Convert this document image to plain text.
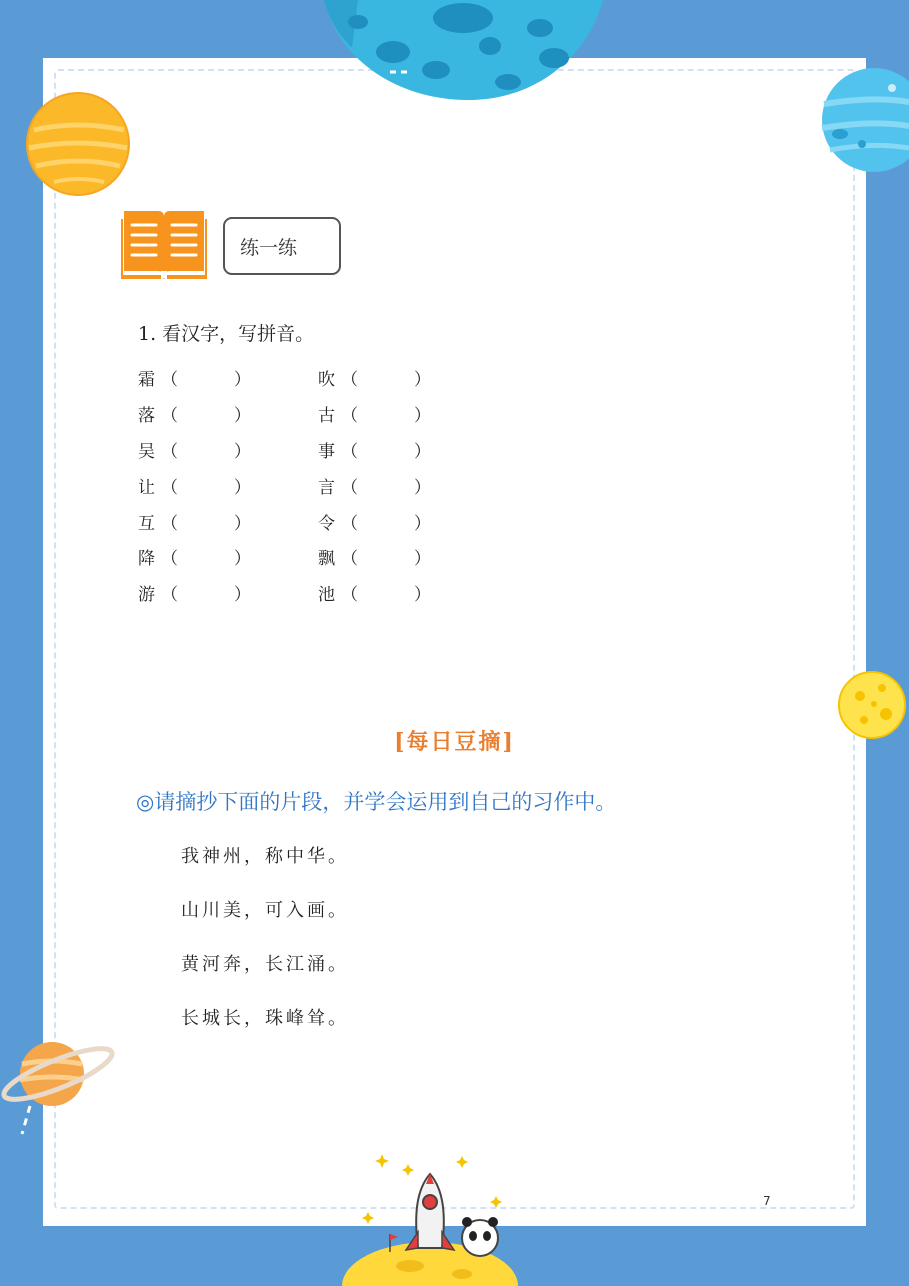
练一练
1. 看汉字，写拼音。
霜 （	）	吹 （	）
落 （	）	古 （	）
吴 （	）	事 （	）
让 （	）	言 （	）
互 （	）	令 （	）
降 （	）	飘 （	）
游 （	）	池 （	）
[每日豆摘]
◎请摘抄下面的片段，并学会运用到自己的习作中。
我神州，称中华。
山川美，可入画。
黄河奔，长江涌。
长城长，珠峰耸。
7
